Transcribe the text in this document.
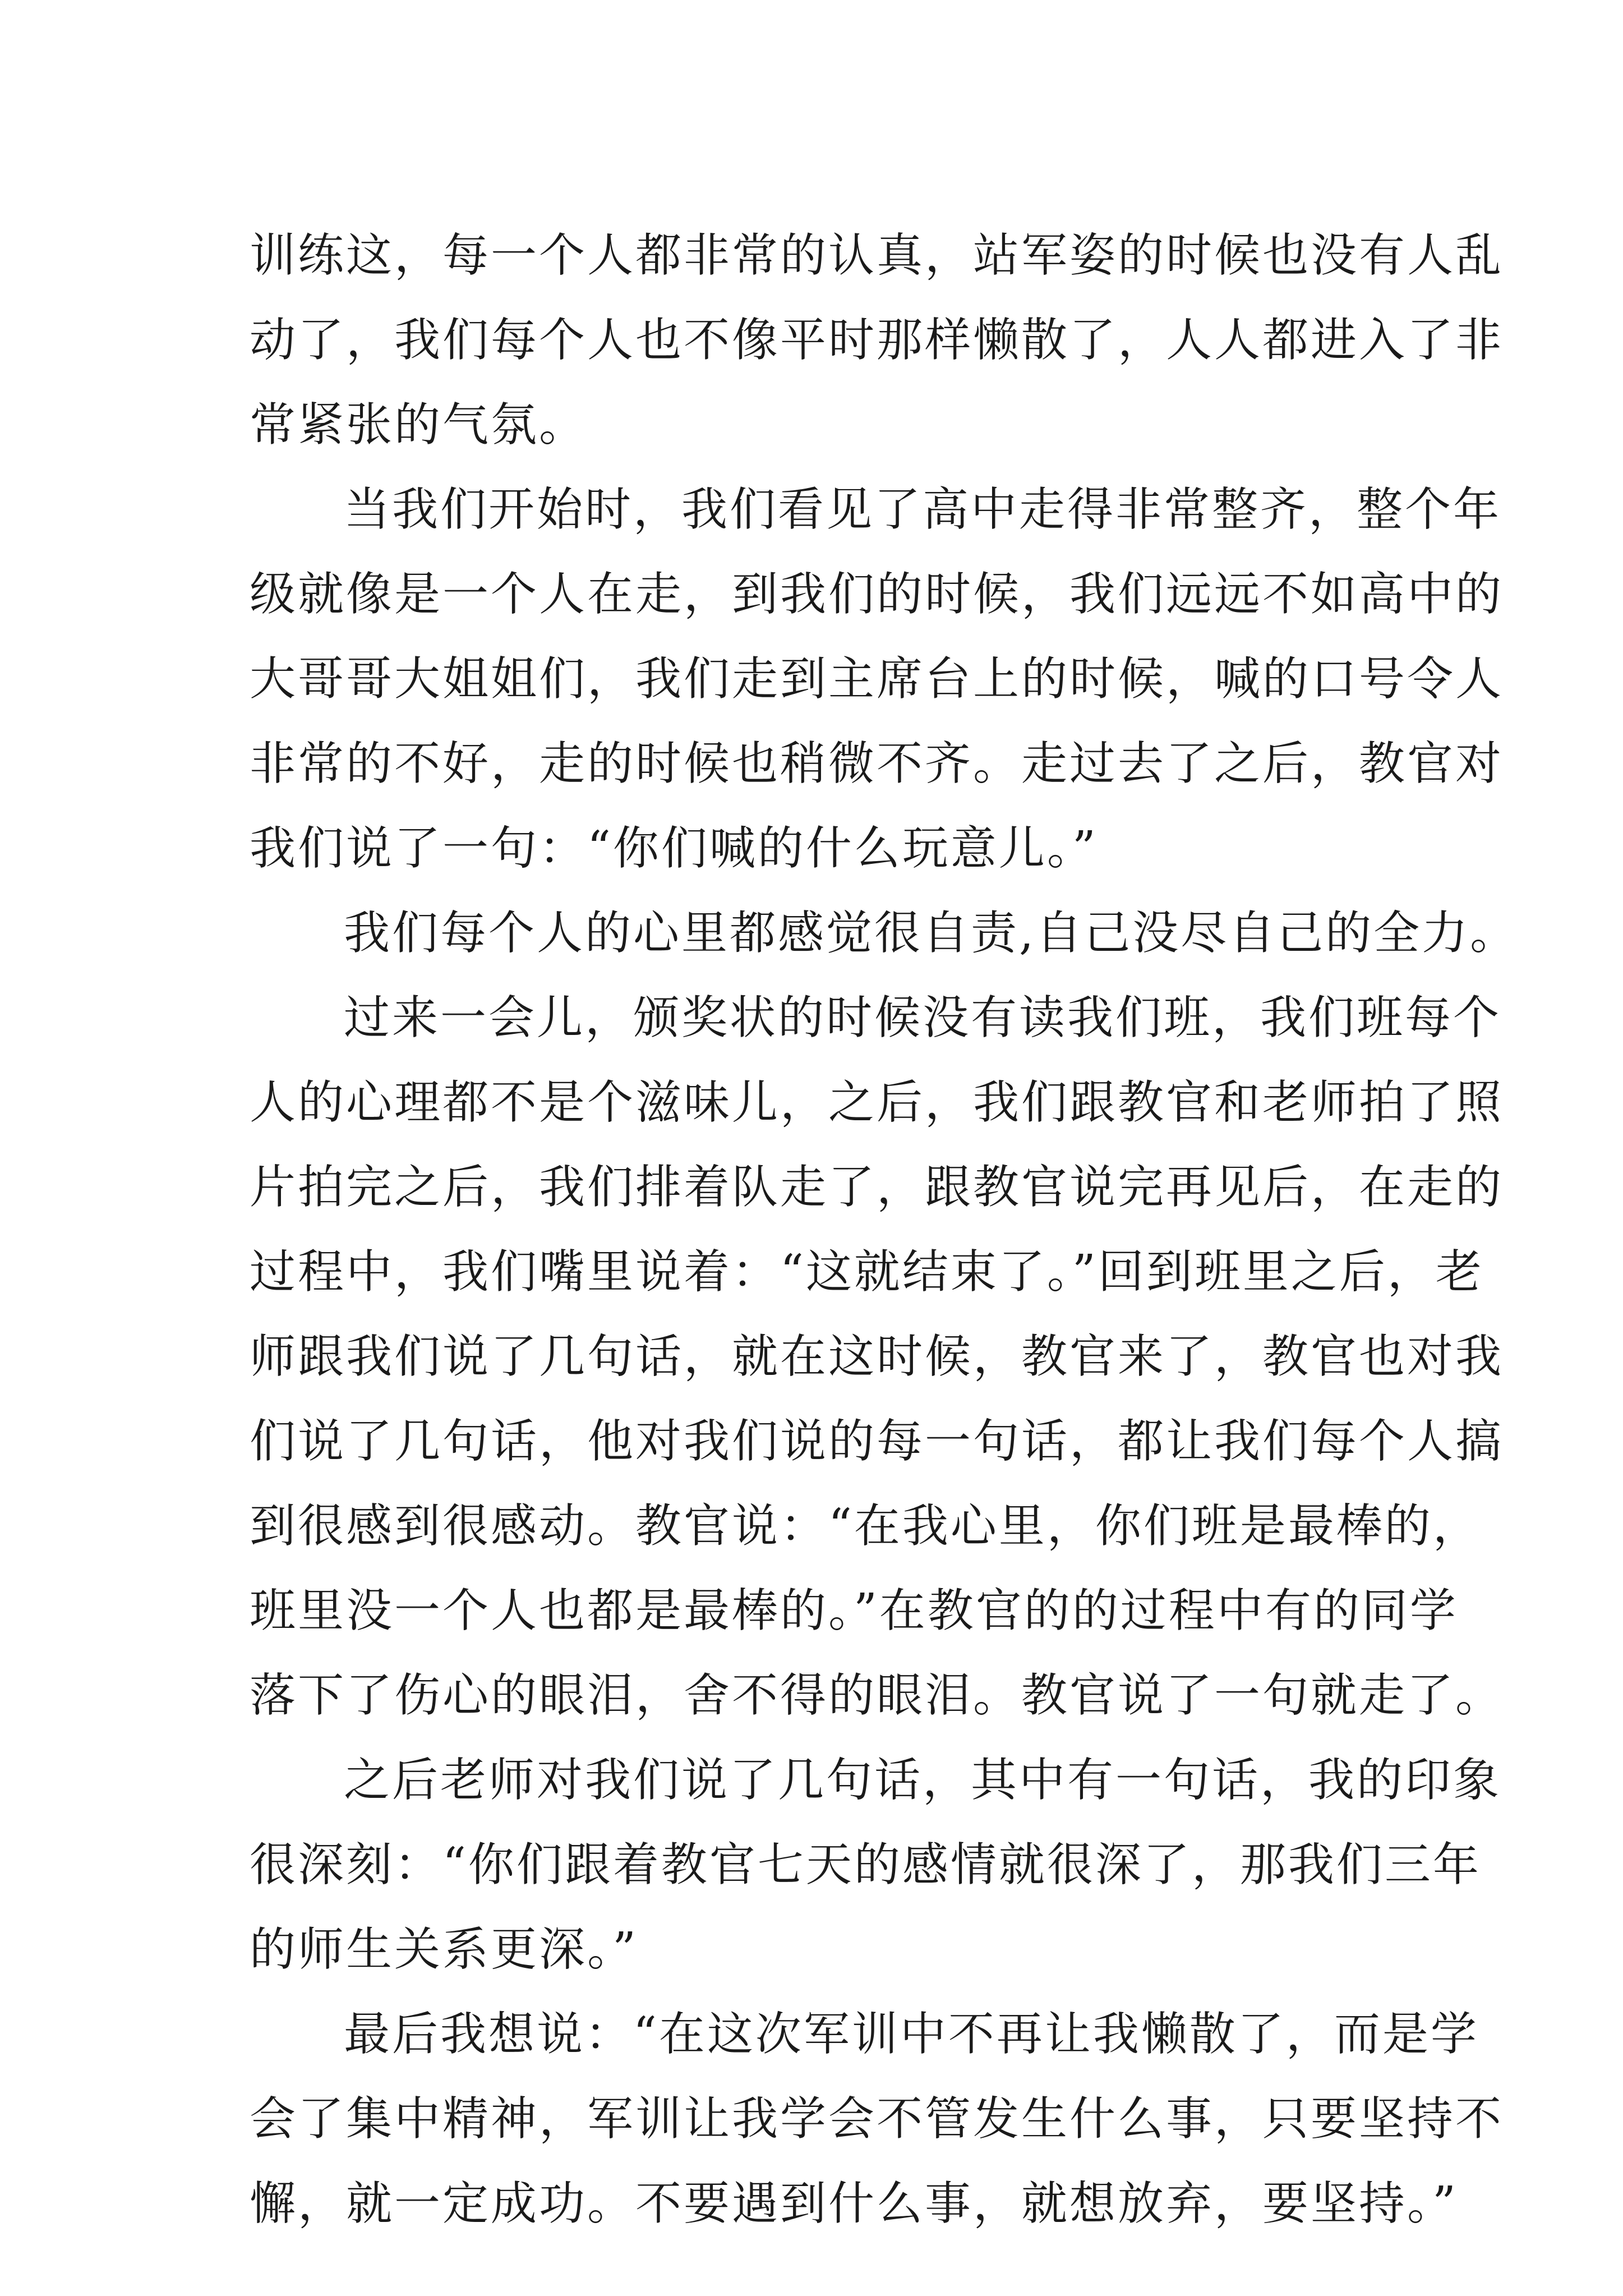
训练这，每一个人都非常的认真，站军姿的时候也没有人乱
动了，我们每个人也不像平时那样懒散了，人人都进入了非
常紧张的气氛。
当我们开始时，我们看见了高中走得非常整齐，整个年
级就像是一个人在走，到我们的时候，我们远远不如高中的
大哥哥大姐姐们，我们走到主席台上的时候，喊的口号令人
非常的不好，走的时候也稍微不齐。走过去了之后，教官对
我们说了一句：“你们喊的什么玩意儿。”
我们每个人的心里都感觉很自责,自己没尽自己的全力。
过来一会儿，颁奖状的时候没有读我们班，我们班每个
人的心理都不是个滋味儿，之后，我们跟教官和老师拍了照
片拍完之后，我们排着队走了，跟教官说完再见后，在走的
过程中，我们嘴里说着：“这就结束了。”回到班里之后，老
师跟我们说了几句话，就在这时候，教官来了，教官也对我
们说了几句话，他对我们说的每一句话，都让我们每个人搞
到很感到很感动。教官说：“在我心里，你们班是最棒的，
班里没一个人也都是最棒的。”在教官的的过程中有的同学
落下了伤心的眼泪，舍不得的眼泪。教官说了一句就走了。
之后老师对我们说了几句话，其中有一句话，我的印象
很深刻：“你们跟着教官七天的感情就很深了，那我们三年
的师生关系更深。”
最后我想说：“在这次军训中不再让我懒散了，而是学
会了集中精神，军训让我学会不管发生什么事，只要坚持不
懈，就一定成功。不要遇到什么事，就想放弃，要坚持。”
